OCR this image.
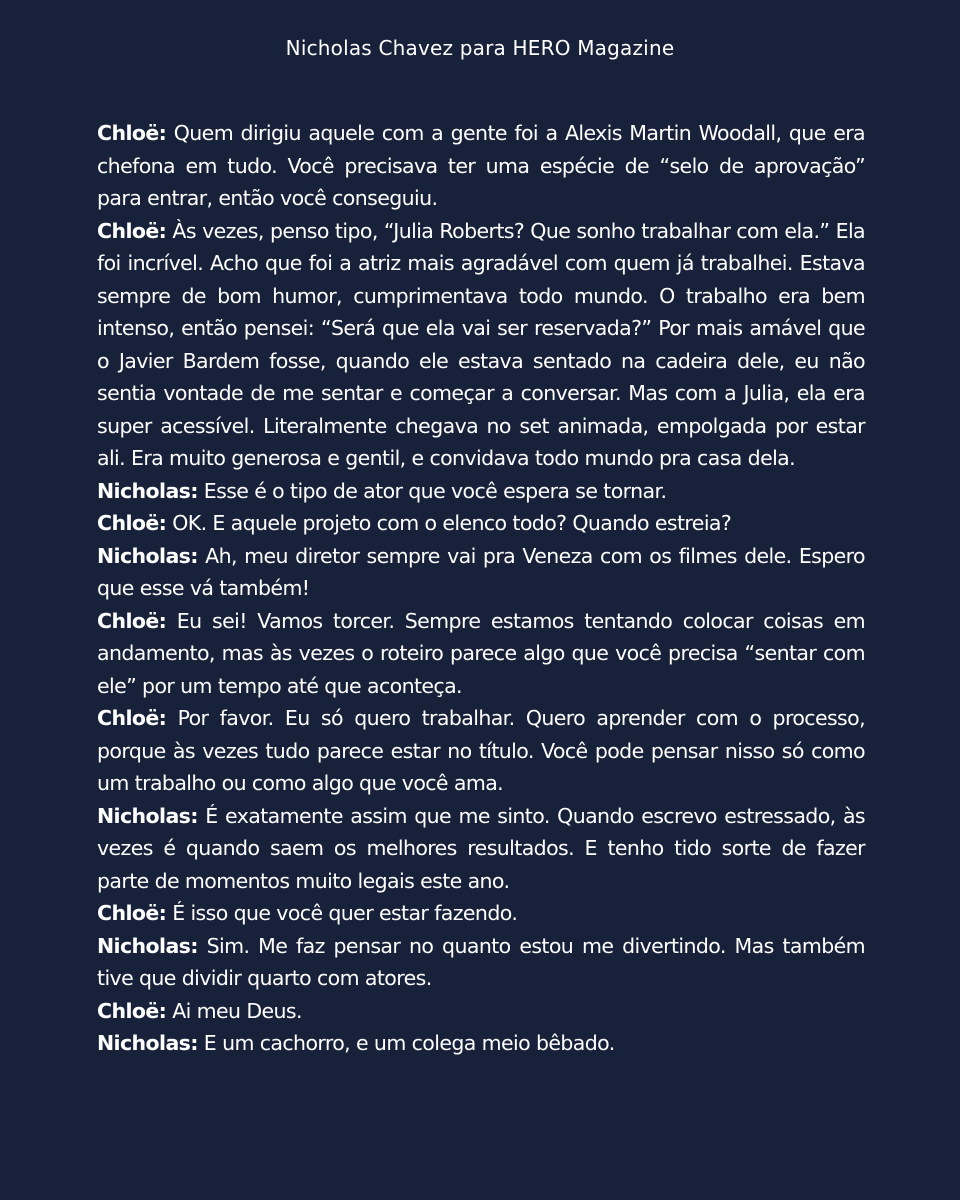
Nicholas Chavez para HERO Magazine

Chloë: Quem dirigiu aquele com a gente foi a Alexis Martin Woodall, que era chefona em tudo. Você precisava ter uma espécie de “selo de aprovação” para entrar, então você conseguiu.

Chloë: Às vezes, penso tipo, “Julia Roberts? Que sonho trabalhar com ela.” Ela foi incrível. Acho que foi a atriz mais agradável com quem já trabalhei. Estava sempre de bom humor, cumprimentava todo mundo. O trabalho era bem intenso, então pensei: “Será que ela vai ser reservada?” Por mais amável que o Javier Bardem fosse, quando ele estava sentado na cadeira dele, eu não sentia vontade de me sentar e começar a conversar. Mas com a Julia, ela era super acessível. Literalmente chegava no set animada, empolgada por estar ali. Era muito generosa e gentil, e convidava todo mundo pra casa dela.

Nicholas: Esse é o tipo de ator que você espera se tornar.

Chloë: OK. E aquele projeto com o elenco todo? Quando estreia?

Nicholas: Ah, meu diretor sempre vai pra Veneza com os filmes dele. Espero que esse vá também!

Chloë: Eu sei! Vamos torcer. Sempre estamos tentando colocar coisas em andamento, mas às vezes o roteiro parece algo que você precisa “sentar com ele” por um tempo até que aconteça.

Chloë: Por favor. Eu só quero trabalhar. Quero aprender com o processo, porque às vezes tudo parece estar no título. Você pode pensar nisso só como um trabalho ou como algo que você ama.

Nicholas: É exatamente assim que me sinto. Quando escrevo estressado, às vezes é quando saem os melhores resultados. E tenho tido sorte de fazer parte de momentos muito legais este ano.

Chloë: É isso que você quer estar fazendo.

Nicholas: Sim. Me faz pensar no quanto estou me divertindo. Mas também tive que dividir quarto com atores.

Chloë: Ai meu Deus.

Nicholas: E um cachorro, e um colega meio bêbado.
